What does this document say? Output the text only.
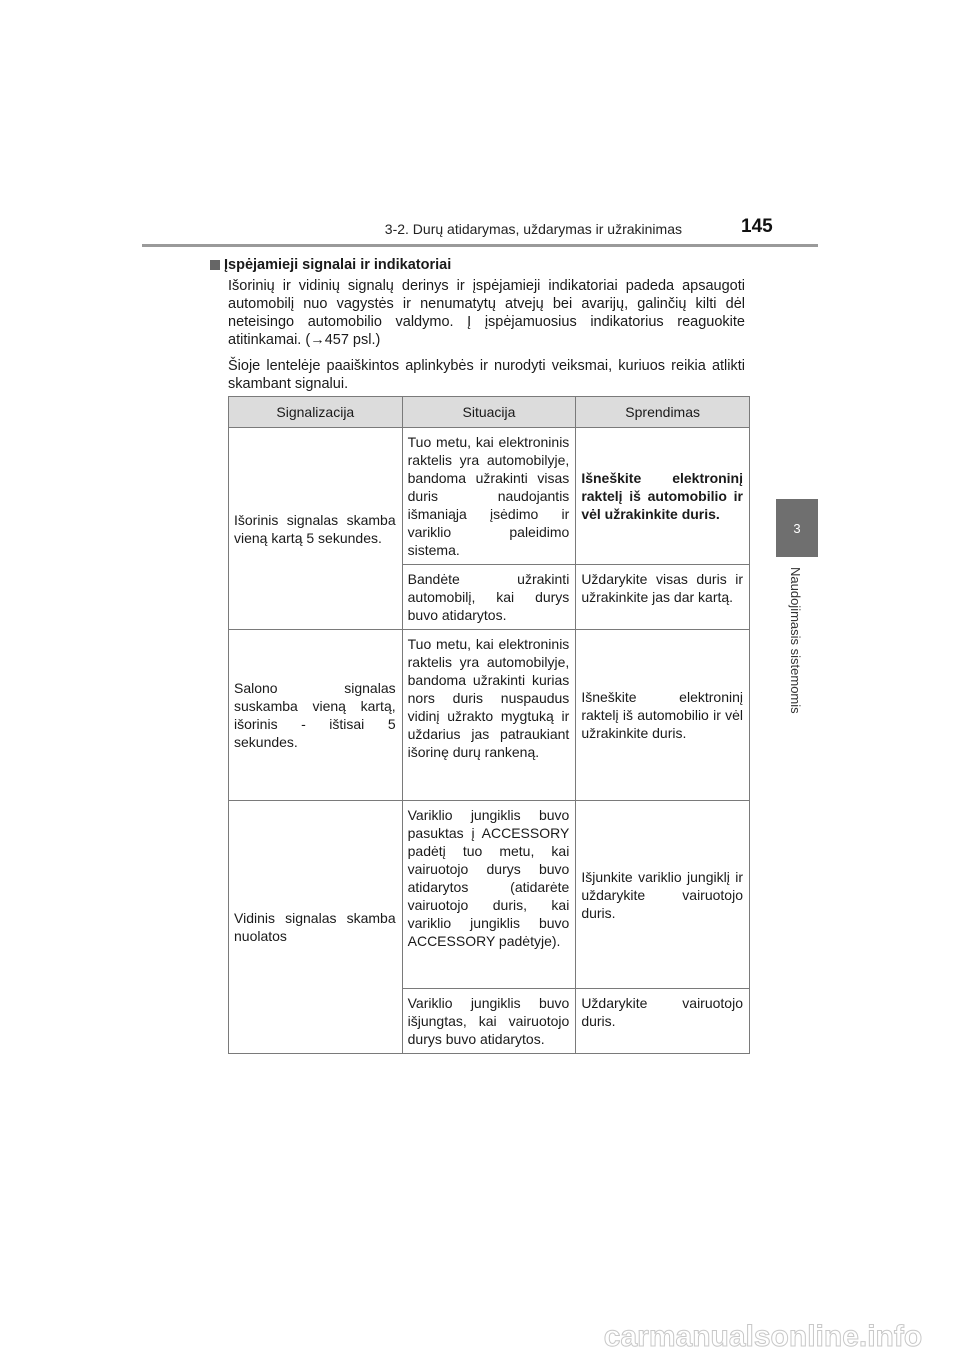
3-2. Durų atidarymas, uždarymas ir užrakinimas	145
3
Naudojimasis sistemomis
Įspėjamieji signalai ir indikatoriai

Išorinių ir vidinių signalų derinys ir įspėjamieji indikatoriai padeda apsaugoti automobilį nuo vagystės ir nenumatytų atvejų bei avarijų, galinčių kilti dėl neteisingo automobilio valdymo. Į įspėjamuosius indikatorius reaguokite atitinkamai. (→457 psl.)

Šioje lentelėje paaiškintos aplinkybės ir nurodyti veiksmai, kuriuos reikia atlikti skambant signalui.

Signalizacija	Situacija	Sprendimas
Išorinis signalas skamba vieną kartą 5 sekundes.	Tuo metu, kai elektroninis raktelis yra automobilyje, bandoma užrakinti visas duris naudojantis išmaniąja įsėdimo ir variklio paleidimo sistema.	Išneškite elektroninį raktelį iš automobilio ir vėl užrakinkite duris.
	Bandėte užrakinti automobilį, kai durys buvo atidarytos.	Uždarykite visas duris ir užrakinkite jas dar kartą.
Salono signalas suskamba vieną kartą, išorinis - ištisai 5 sekundes.	Tuo metu, kai elektroninis raktelis yra automobilyje, bandoma užrakinti kurias nors duris nuspaudus vidinį užrakto mygtuką ir uždarius jas patraukiant išorinę durų rankeną.	Išneškite elektroninį raktelį iš automobilio ir vėl užrakinkite duris.
Vidinis signalas skamba nuolatos	Variklio jungiklis buvo pasuktas į ACCESSORY padėtį tuo metu, kai vairuotojo durys buvo atidarytos (atidarėte vairuotojo duris, kai variklio jungiklis buvo ACCESSORY padėtyje).	Išjunkite variklio jungiklį ir uždarykite vairuotojo duris.
	Variklio jungiklis buvo išjungtas, kai vairuotojo durys buvo atidarytos.	Uždarykite vairuotojo duris.
carmanualsonline.info
